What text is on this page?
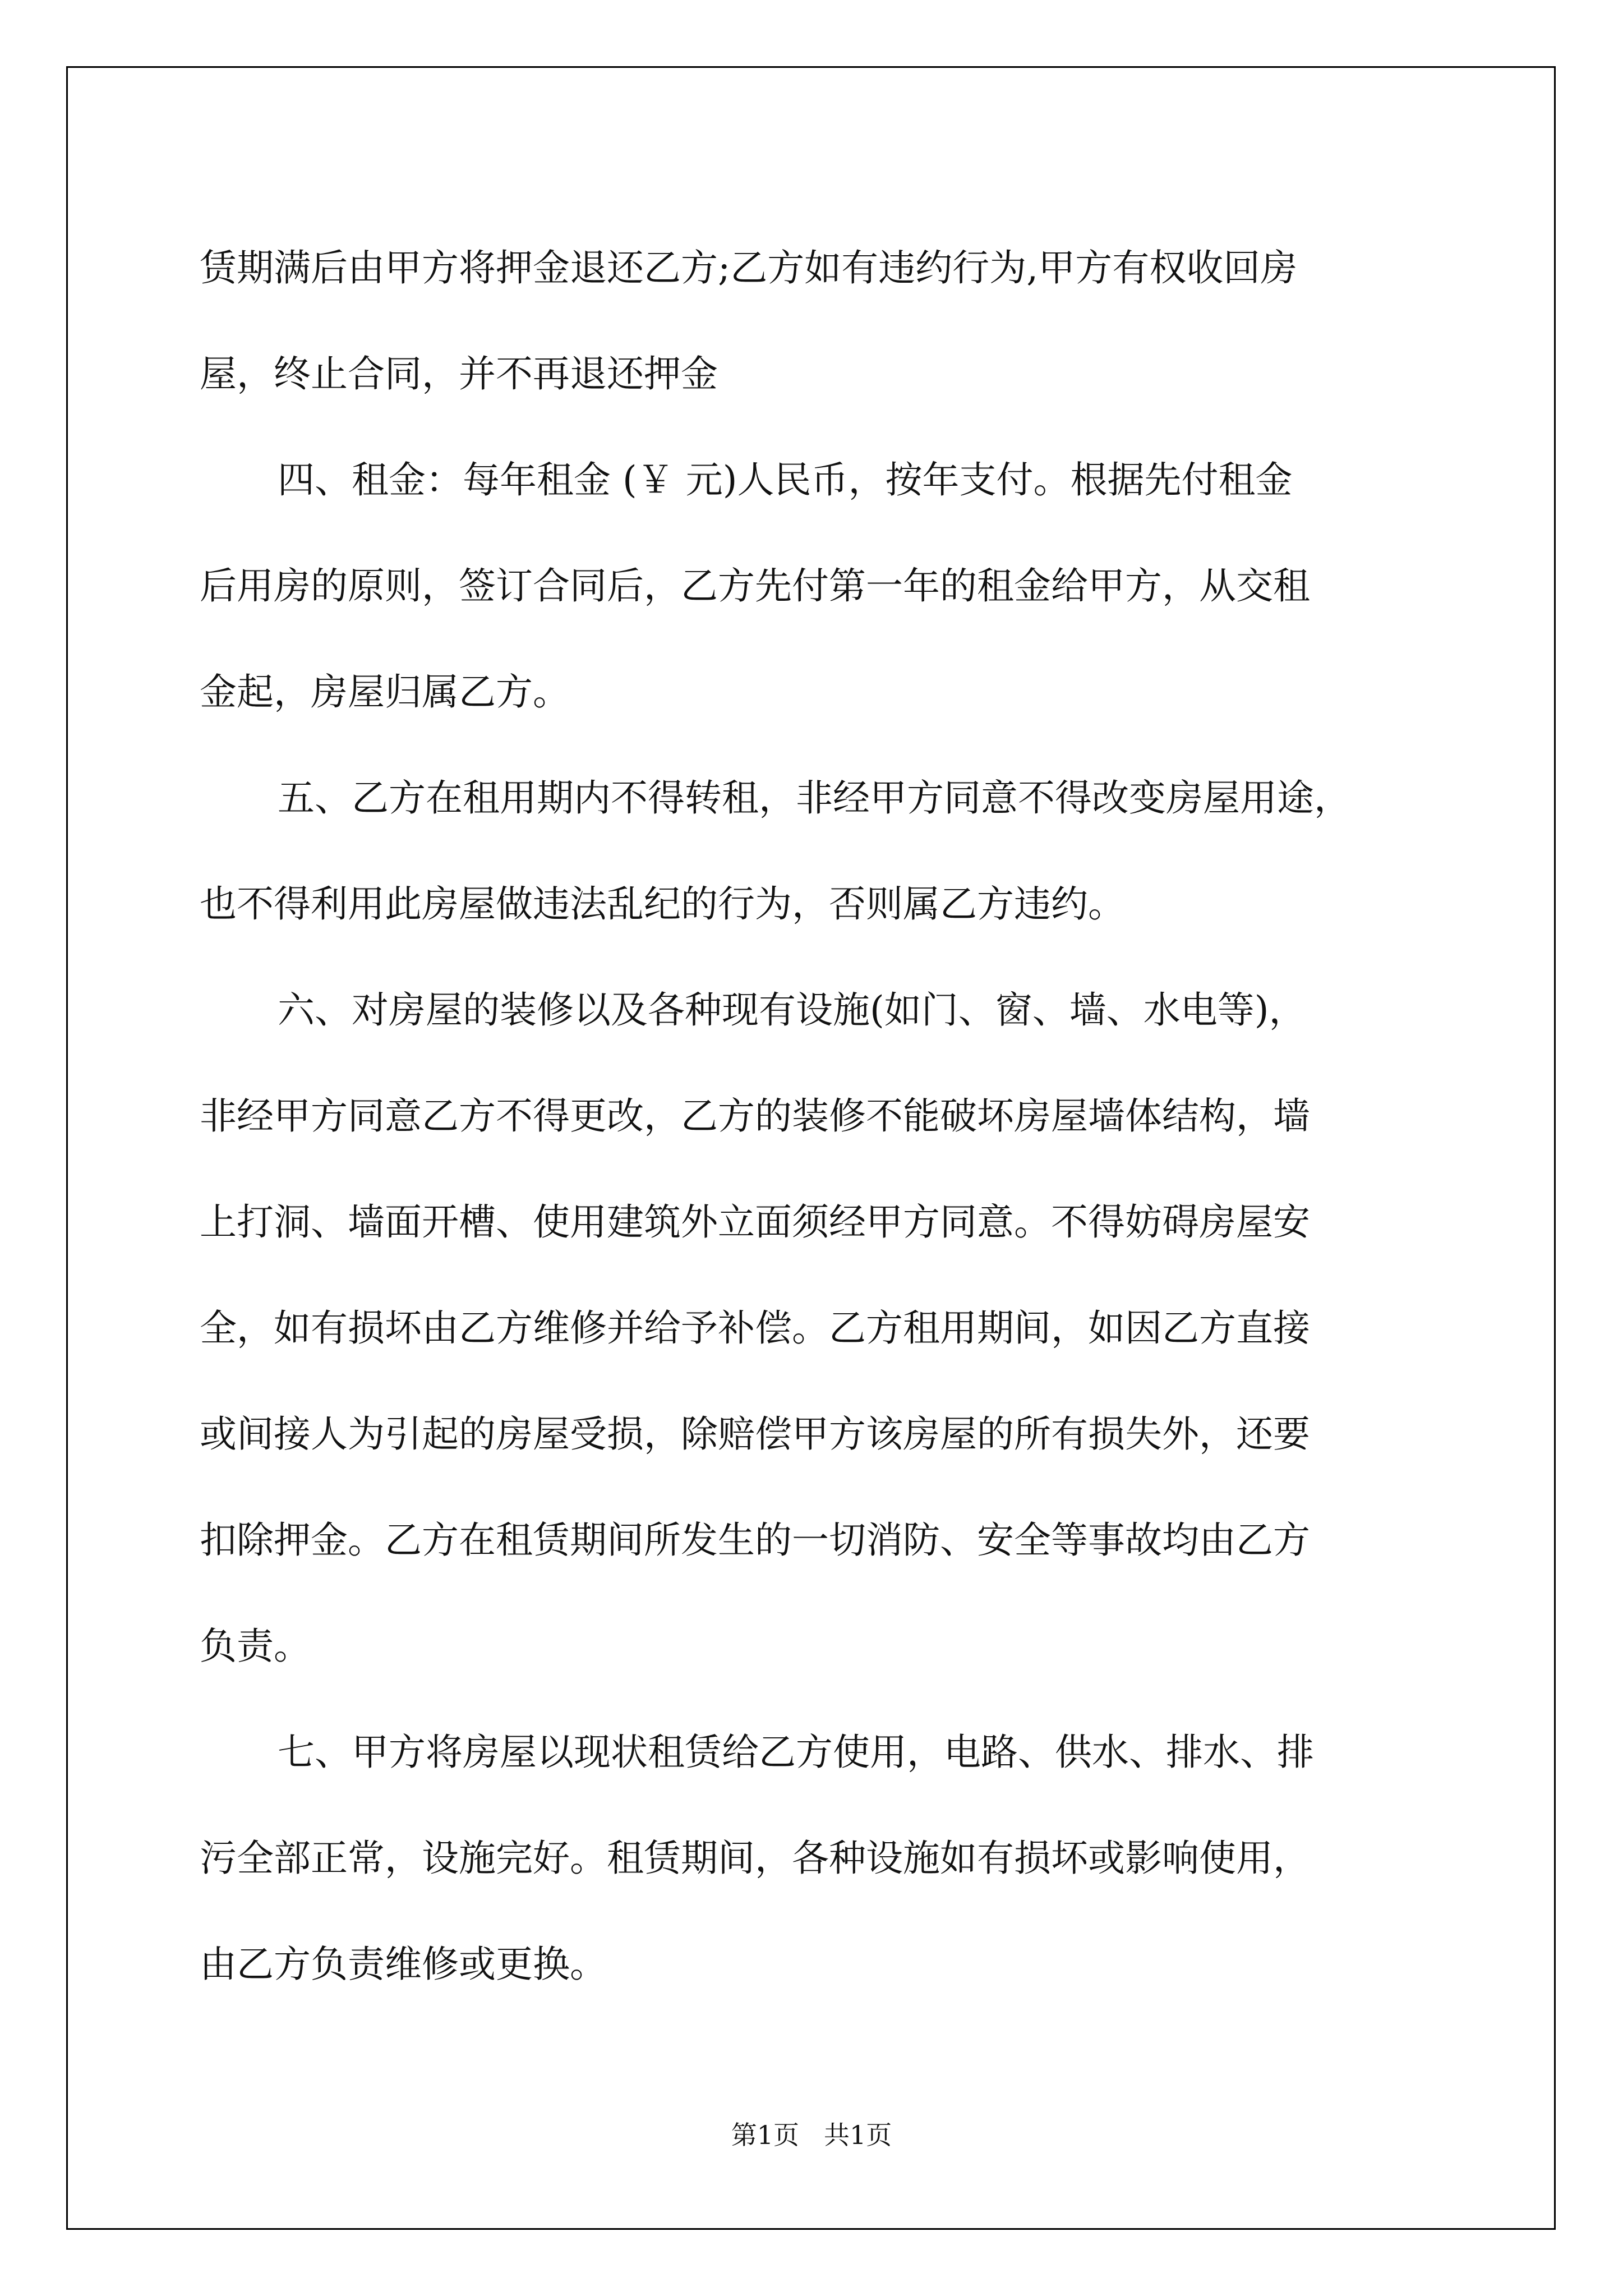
赁期满后由甲方将押金退还乙方;乙方如有违约行为,甲方有权收回房
屋，终止合同，并不再退还押金
四、租金：每年租金 (￥ 元)人民币，按年支付。根据先付租金
后用房的原则，签订合同后，乙方先付第一年的租金给甲方，从交租
金起，房屋归属乙方。
五、乙方在租用期内不得转租，非经甲方同意不得改变房屋用途，
也不得利用此房屋做违法乱纪的行为，否则属乙方违约。
六、对房屋的装修以及各种现有设施(如门、窗、墙、水电等)，
非经甲方同意乙方不得更改，乙方的装修不能破坏房屋墙体结构，墙
上打洞、墙面开槽、使用建筑外立面须经甲方同意。不得妨碍房屋安
全，如有损坏由乙方维修并给予补偿。乙方租用期间，如因乙方直接
或间接人为引起的房屋受损，除赔偿甲方该房屋的所有损失外，还要
扣除押金。乙方在租赁期间所发生的一切消防、安全等事故均由乙方
负责。
七、甲方将房屋以现状租赁给乙方使用，电路、供水、排水、排
污全部正常，设施完好。租赁期间，各种设施如有损坏或影响使用，
由乙方负责维修或更换。
第1页 共1页
